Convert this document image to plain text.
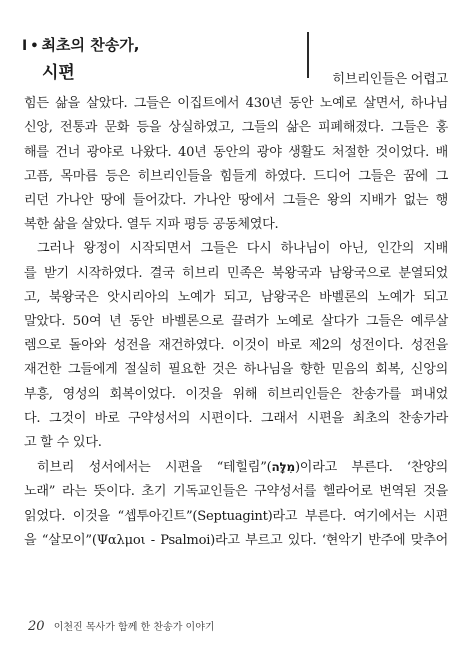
I • 최초의 찬송가,
시편	히브리인들은 어렵고
힘든 삶을 살았다. 그들은 이집트에서 430년 동안 노예로 살면서, 하나님
신앙, 전통과 문화 등을 상실하였고, 그들의 삶은 피폐해졌다. 그들은 홍
해를 건너 광야로 나왔다. 40년 동안의 광야 생활도 처절한 것이었다. 배
고픔, 목마름 등은 히브리인들을 힘들게 하였다. 드디어 그들은 꿈에 그
리던 가나안 땅에 들어갔다. 가나안 땅에서 그들은 왕의 지배가 없는 행
복한 삶을 살았다. 열두 지파 평등 공동체였다.
그러나 왕정이 시작되면서 그들은 다시 하나님이 아닌, 인간의 지배
를 받기 시작하였다. 결국 히브리 민족은 북왕국과 남왕국으로 분열되었
고, 북왕국은 앗시리아의 노예가 되고, 남왕국은 바벨론의 노예가 되고
말았다. 50여 년 동안 바벨론으로 끌려가 노예로 살다가 그들은 예루살
렘으로 돌아와 성전을 재건하였다. 이것이 바로 제2의 성전이다. 성전을
재건한 그들에게 절실히 필요한 것은 하나님을 향한 믿음의 회복, 신앙의
부흥, 영성의 회복이었다. 이것을 위해 히브리인들은 찬송가를 펴내었
다. 그것이 바로 구약성서의 시편이다. 그래서 시편을 최초의 찬송가라
고 할 수 있다.
히브리 성서에서는 시편을 “테힐림”(מִלָּה)이라고 부른다. ‘찬양의
노래” 라는 뜻이다. 초기 기독교인들은 구약성서를 헬라어로 번역된 것을
읽었다. 이것을 “셉투아긴트”(Septuagint)라고 부른다. 여기에서는 시편
을 “살모이”(Ψαλμοι - Psalmoi)라고 부르고 있다. ‘현악기 반주에 맞추어
20 이천진 목사가 함께 한 찬송가 이야기
